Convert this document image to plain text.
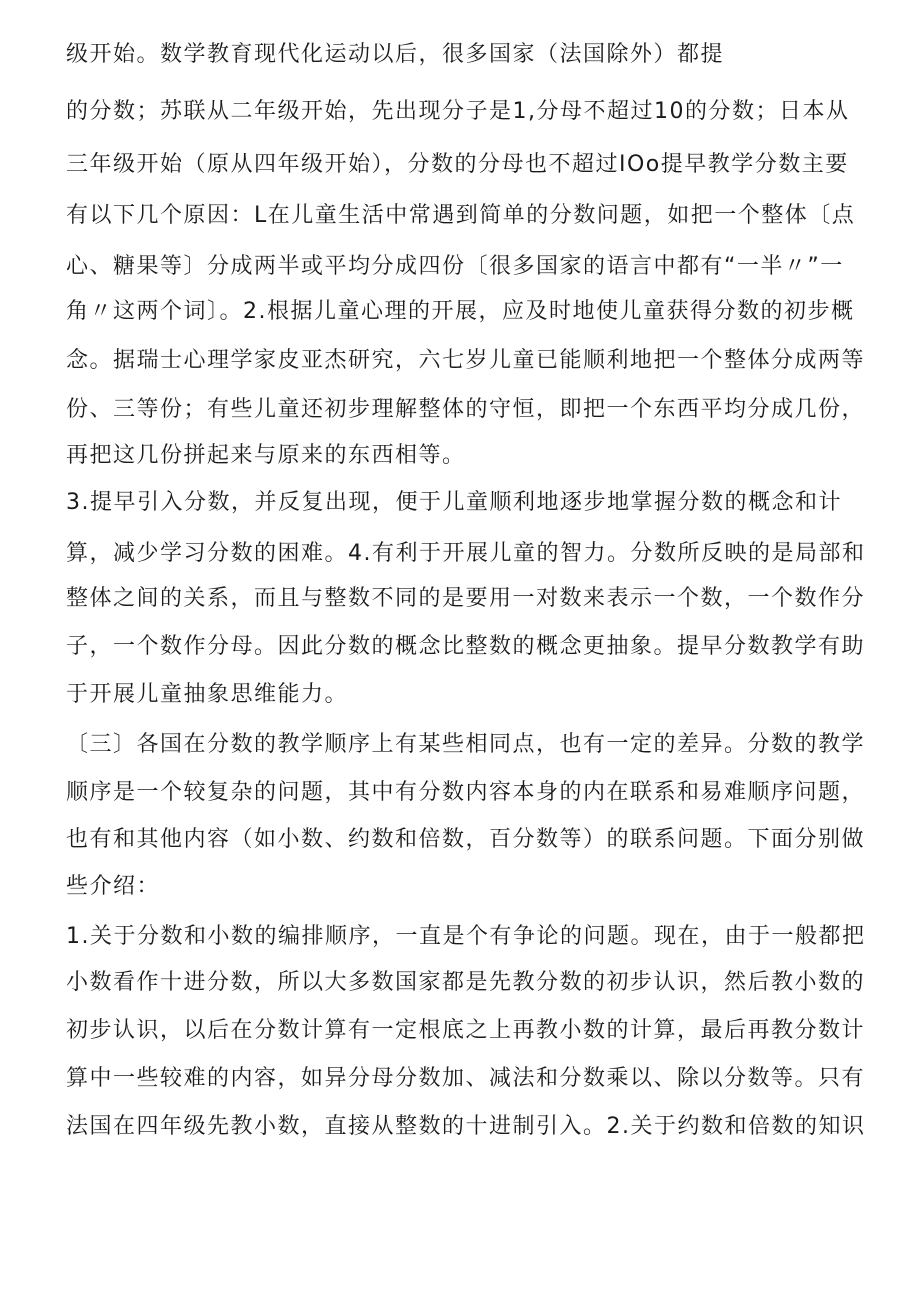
级开始。数学教育现代化运动以后，很多国家（法国除外）都提
的分数；苏联从二年级开始，先出现分子是1,分母不超过10的分数；日本从
三年级开始（原从四年级开始），分数的分母也不超过IOo提早教学分数主要
有以下几个原因：L在儿童生活中常遇到简单的分数问题，如把一个整体〔点
心、糖果等〕分成两半或平均分成四份〔很多国家的语言中都有“一半〃”一
角〃这两个词〕。2.根据儿童心理的开展，应及时地使儿童获得分数的初步概
念。据瑞士心理学家皮亚杰研究，六七岁儿童已能顺利地把一个整体分成两等
份、三等份；有些儿童还初步理解整体的守恒，即把一个东西平均分成几份，
再把这几份拼起来与原来的东西相等。
3.提早引入分数，并反复出现，便于儿童顺利地逐步地掌握分数的概念和计
算，减少学习分数的困难。4.有利于开展儿童的智力。分数所反映的是局部和
整体之间的关系，而且与整数不同的是要用一对数来表示一个数，一个数作分
子，一个数作分母。因此分数的概念比整数的概念更抽象。提早分数教学有助
于开展儿童抽象思维能力。
〔三〕各国在分数的教学顺序上有某些相同点，也有一定的差异。分数的教学
顺序是一个较复杂的问题，其中有分数内容本身的内在联系和易难顺序问题，
也有和其他内容（如小数、约数和倍数，百分数等）的联系问题。下面分别做
些介绍：
1.关于分数和小数的编排顺序，一直是个有争论的问题。现在，由于一般都把
小数看作十进分数，所以大多数国家都是先教分数的初步认识，然后教小数的
初步认识，以后在分数计算有一定根底之上再教小数的计算，最后再教分数计
算中一些较难的内容，如异分母分数加、减法和分数乘以、除以分数等。只有
法国在四年级先教小数，直接从整数的十进制引入。2.关于约数和倍数的知识
